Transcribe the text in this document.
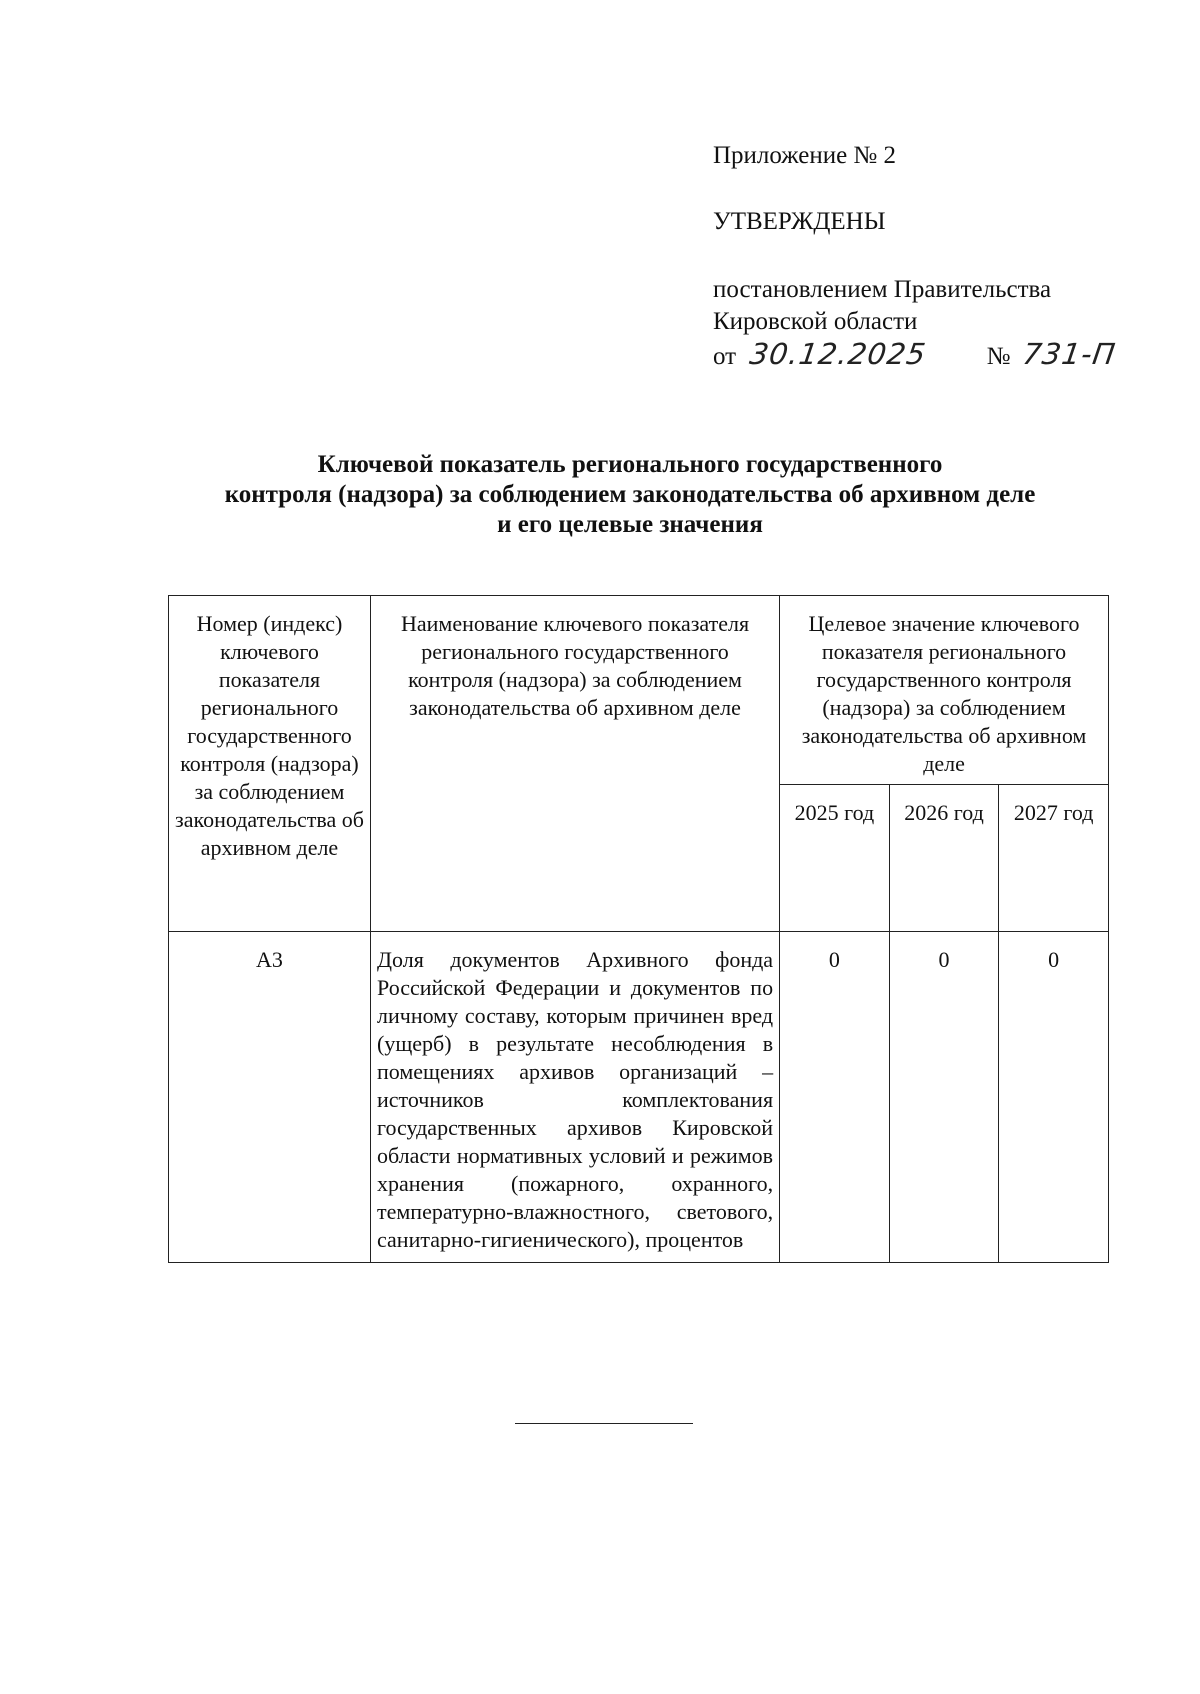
Приложение № 2
УТВЕРЖДЕНЫ
постановлением Правительства
Кировской области
от 30.12.2025 № 731-П
Ключевой показатель регионального государственного
контроля (надзора) за соблюдением законодательства об архивном деле
и его целевые значения
Номер (индекс) ключевого показателя регионального государственного контроля (надзора) за соблюдением законодательства об архивном деле	Наименование ключевого показателя регионального государственного контроля (надзора) за соблюдением законодательства об архивном деле	Целевое значение ключевого показателя регионального государственного контроля (надзора) за соблюдением законодательства об архивном деле		
		2025 год	2026 год	2027 год
А3	Доля документов Архивного фонда Российской Федерации и документов по личному составу, которым причинен вред (ущерб) в результате несоблюдения в помещениях архивов организаций – источников комплектования государственных архивов Кировской области нормативных условий и режимов хранения (пожарного, охранного, температурно-влажностного, светового, санитарно-гигиенического), процентов	0	0	0
